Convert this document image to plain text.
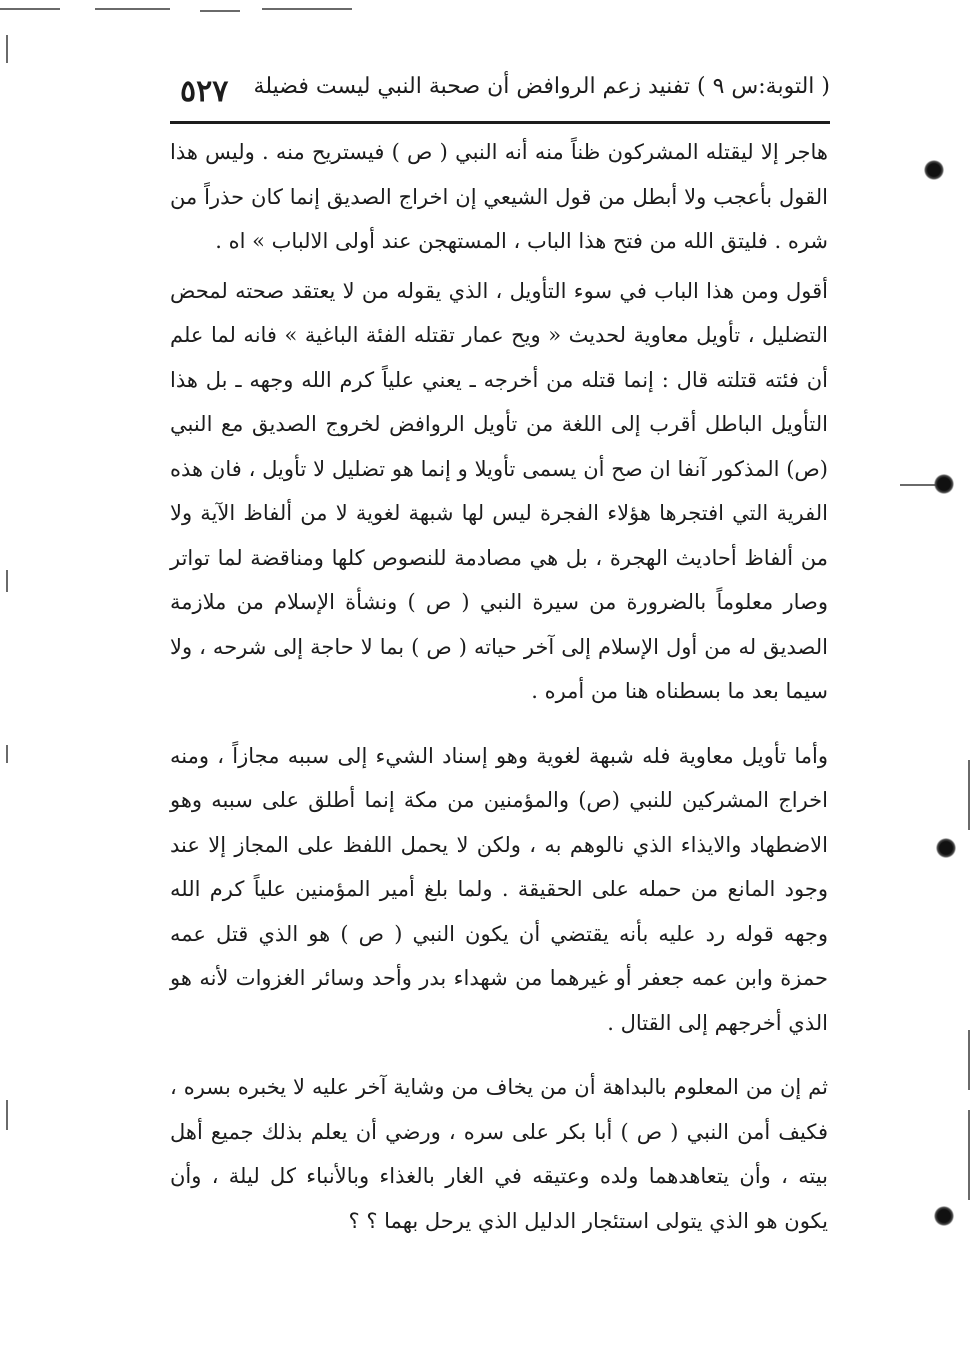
( التوبة:س ٩ ) تفنيد زعم الروافض أن صحبة النبي ليست فضيلة
٥٢٧

هاجر إلا ليقتله المشركون ظناً منه أنه النبي ( ص ) فيستريح منه . وليس هذا القول بأعجب ولا أبطل من قول الشيعي إن اخراج الصديق إنما كان حذراً من شره . فليتق الله من فتح هذا الباب ، المستهجن عند أولى الالباب » اه .

أقول ومن هذا الباب في سوء التأويل ، الذي يقوله من لا يعتقد صحته لمحض التضليل ، تأويل معاوية لحديث « ويح عمار تقتله الفئة الباغية » فانه لما علم أن فئته قتلته قال : إنما قتله من أخرجه ـ يعني علياً كرم الله وجهه ـ بل هذا التأويل الباطل أقرب إلى اللغة من تأويل الروافض لخروج الصديق مع النبي (ص) المذكور آنفا ان صح أن يسمى تأويلا و إنما هو تضليل لا تأويل ، فان هذه الفرية التي افتجرها هؤلاء الفجرة ليس لها شبهة لغوية لا من ألفاظ الآية ولا من ألفاظ أحاديث الهجرة ، بل هي مصادمة للنصوص كلها ومناقضة لما تواتر وصار معلوماً بالضرورة من سيرة النبي ( ص ) ونشأة الإسلام من ملازمة الصديق له من أول الإسلام إلى آخر حياته ( ص ) بما لا حاجة إلى شرحه ، ولا سيما بعد ما بسطناه هنا من أمره .

وأما تأويل معاوية فله شبهة لغوية وهو إسناد الشيء إلى سببه مجازاً ، ومنه اخراج المشركين للنبي (ص) والمؤمنين من مكة إنما أطلق على سببه وهو الاضطهاد والايذاء الذي نالوهم به ، ولكن لا يحمل اللفظ على المجاز إلا عند وجود المانع من حمله على الحقيقة . ولما بلغ أمير المؤمنين علياً كرم الله وجهه قوله رد عليه بأنه يقتضي أن يكون النبي ( ص ) هو الذي قتل عمه حمزة وابن عمه جعفر أو غيرهما من شهداء بدر وأحد وسائر الغزوات لأنه هو الذي أخرجهم إلى القتال .

ثم إن من المعلوم بالبداهة أن من يخاف من وشاية آخر عليه لا يخبره بسره ، فكيف أمن النبي ( ص ) أبا بكر على سره ، ورضي أن يعلم بذلك جميع أهل بيته ، وأن يتعاهدهما ولده وعتيقه في الغار بالغذاء وبالأنباء كل ليلة ، وأن يكون هو الذي يتولى استئجار الدليل الذي يرحل بهما ؟ ؟
